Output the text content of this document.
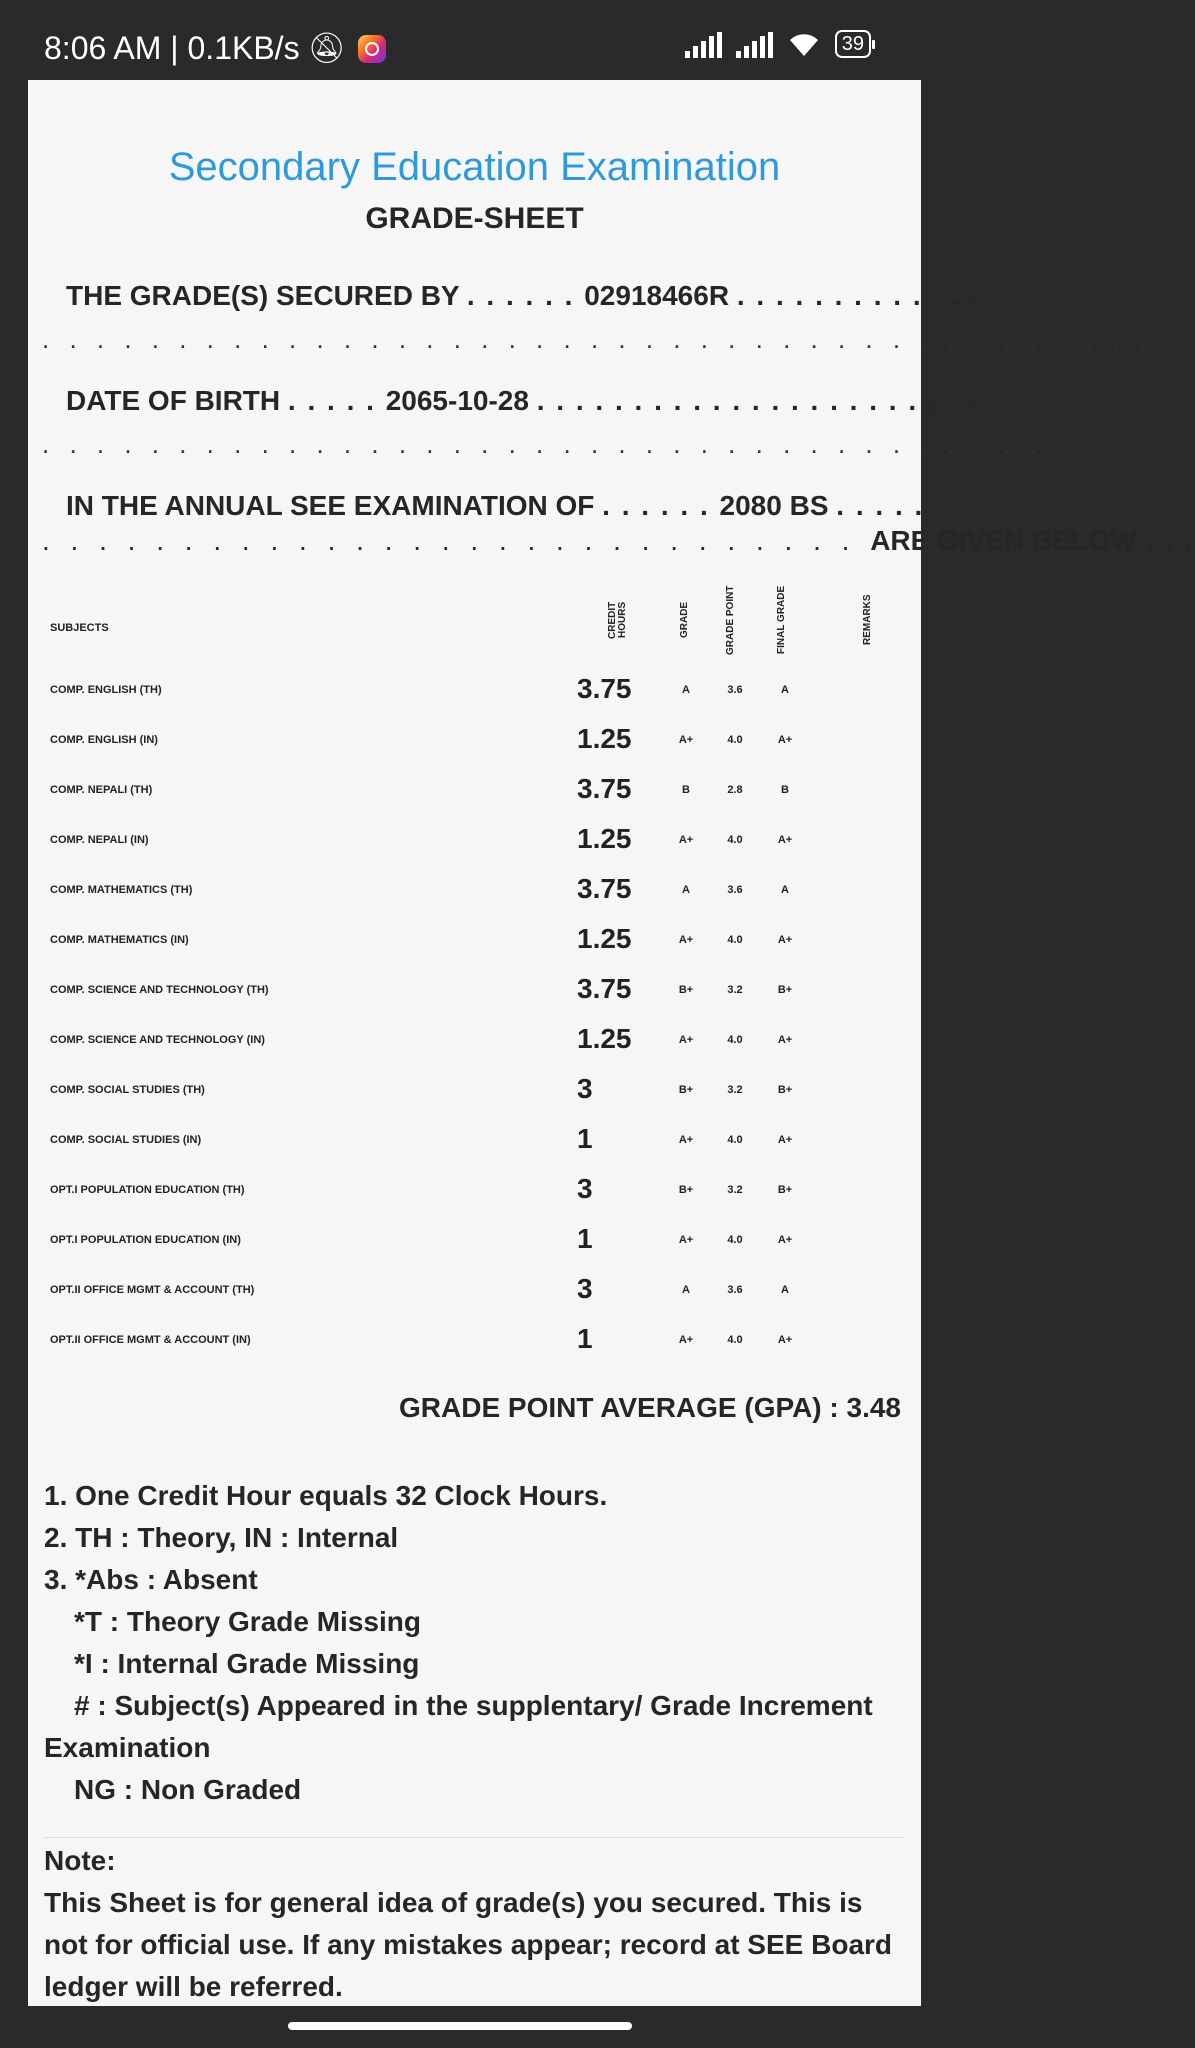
8:06 AM | 0.1KB/s 🔕︎	39
Secondary Education Examination
GRADE-SHEET
THE GRADE(S) SECURED BY . . . . . . 02918466R . . . . . . . . . . . . .
. . . . . . . . . . . . . . . . . . . . . . . . . . . . . . . . . . . . . . . . .
DATE OF BIRTH . . . . . 2065-10-28 . . . . . . . . . . . . . . . . . . . . . . .
. . . . . . . . . . . . . . . . . . . . . . . . . . . . . . . . . . . . .
IN THE ANNUAL SEE EXAMINATION OF . . . . . . 2080 BS . . . . .
. . . . . . . . . . . . . . . . . . . . . . . . . . . . . ARE GIVEN BELOW . . .
SUBJECTS	CREDIT HOURS	GRADE	GRADE POINT	FINAL GRADE	REMARKS
COMP. ENGLISH (TH)	3.75	A	3.6	A
COMP. ENGLISH (IN)	1.25	A+	4.0	A+
COMP. NEPALI (TH)	3.75	B	2.8	B
COMP. NEPALI (IN)	1.25	A+	4.0	A+
COMP. MATHEMATICS (TH)	3.75	A	3.6	A
COMP. MATHEMATICS (IN)	1.25	A+	4.0	A+
COMP. SCIENCE AND TECHNOLOGY (TH)	3.75	B+	3.2	B+
COMP. SCIENCE AND TECHNOLOGY (IN)	1.25	A+	4.0	A+
COMP. SOCIAL STUDIES (TH)	3	B+	3.2	B+
COMP. SOCIAL STUDIES (IN)	1	A+	4.0	A+
OPT.I POPULATION EDUCATION (TH)	3	B+	3.2	B+
OPT.I POPULATION EDUCATION (IN)	1	A+	4.0	A+
OPT.II OFFICE MGMT & ACCOUNT (TH)	3	A	3.6	A
OPT.II OFFICE MGMT & ACCOUNT (IN)	1	A+	4.0	A+
GRADE POINT AVERAGE (GPA) : 3.48
1. One Credit Hour equals 32 Clock Hours.
2. TH : Theory, IN : Internal
3. *Abs : Absent
*T : Theory Grade Missing
*I : Internal Grade Missing
# : Subject(s) Appeared in the supplentary/ Grade Increment
Examination
NG : Non Graded
Note:
This Sheet is for general idea of grade(s) you secured. This is not for official use. If any mistakes appear; record at SEE Board ledger will be referred.
